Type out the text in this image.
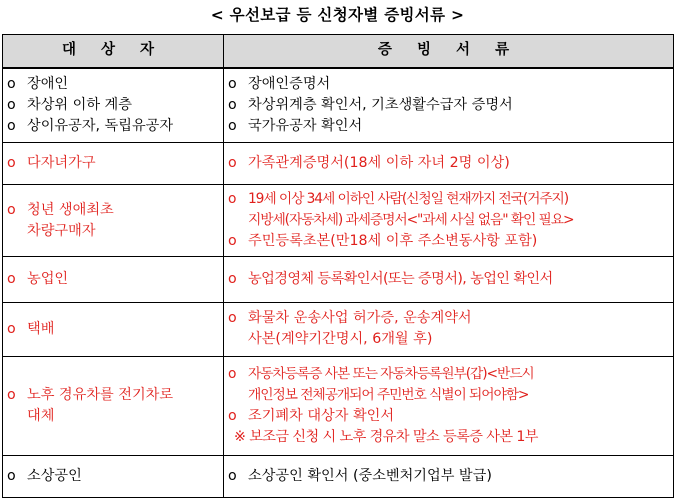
< 우선보급 등 신청자별 증빙서류 >
대 상 자	증 빙 서 류

o 장애인
o 차상위 이하 계층
o 상이유공자, 독립유공자	o 장애인증명서
o 차상위계층 확인서, 기초생활수급자 증명서
o 국가유공자 확인서

o 다자녀가구	o 가족관계증명서(18세 이하 자녀 2명 이상)

o 청년 생애최초
차량구매자	o 19세 이상 34세 이하인 사람(신청일 현재까지 전국(거주지)
지방세(자동차세) 과세증명서<"과세 사실 없음" 확인 필요>
o 주민등록초본(만18세 이후 주소변동사항 포함)

o 농업인	o 농업경영체 등록확인서(또는 증명서), 농업인 확인서

o 택배	o 화물차 운송사업 허가증, 운송계약서
사본(계약기간명시, 6개월 후)

o 노후 경유차를 전기차로
대체	o 자동차등록증 사본 또는 자동차등록원부(갑)<반드시
개인정보 전체공개되어 주민번호 식별이 되어야함>
o 조기폐차 대상자 확인서
※ 보조금 신청 시 노후 경유차 말소 등록증 사본 1부

o 소상공인	o 소상공인 확인서 (중소벤처기업부 발급)
